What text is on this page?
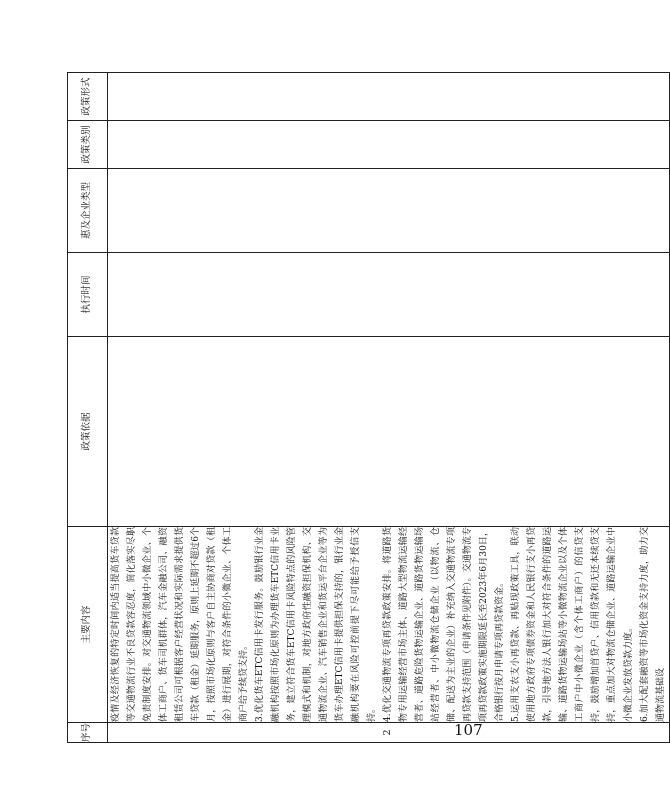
107
序号	主要内容	政策依据	执行时间	惠及企业类型	政策类别	政策形式
2	疫情及经济恢复的特定时间内适当提高货车贷款等交通物流行业不良贷款容忍度，简化落实尽职免责制度安排。对交通物流领域中小微企业、个体工商户、货车司机群体，汽车金融公司、融资租赁公司可根据客户经营状况和实际需求提供货车贷款（租金）延期服务，原则上延期不超过6个月，按照市场化原则与客户自主协商对贷款（租金）进行展期，对符合条件的小微企业、个体工商户给予续贷支持。 3.优化货车ETC信用卡发行服务。鼓励银行业金融机构按照市场化原则为办理货车ETC信用卡业务，建立符合货车ETC信用卡风险特点的风险管理模式和机制，对地方政府性融资担保机构、交通物流企业、汽车销售企业和货运平台企业等为货车办理ETC信用卡提供担保支持的，银行业金融机构要在风险可控前提下尽可能给予授信支持。 4.优化交通物流专项再贷款政策安排。将道路货物专用运输经营市场主体、道路大型物流运输经营者、道路危险货物运输企业、道路货物运输场站经营者、中小微物流仓储企业（以物流、仓储、配送为主业的企业）补充纳入交通物流专项再贷款支持范围（申请条件见附件）。交通物流专项再贷款政策实施期限延长至2023年6月30日，合格银行按月申请专项再贷款资金。 5.运用支农支小再贷款、再贴现政策工具，联动使用地方政府专项债券资金和人民银行支小再贷款，引导地方法人银行加大对符合条件的道路运输、道路货物运输场站等小微物流企业以及个体工商户中小微企业（含个体工商户）的信贷支持，鼓励增加首贷户、信用贷款和无还本续贷支持，重点加大对物流仓储企业、道路运输企业中小微企业发放贷款力度。 6.加大配套融资等市场化资金支持力度，助力交通物流基础设					
